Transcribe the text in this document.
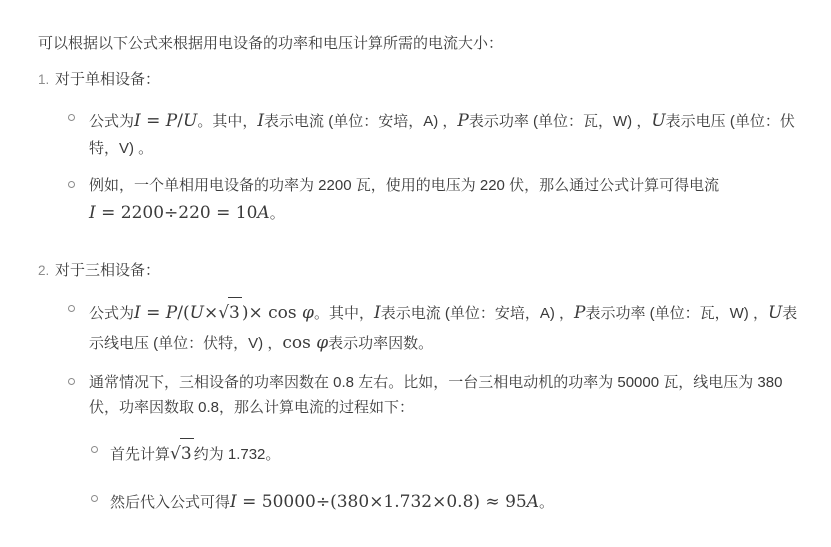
可以根据以下公式来根据用电设备的功率和电压计算所需的电流大小：

1. 对于单相设备：
公式为I = P/U。其中，I表示电流 (单位：安培，A) ，P表示功率 (单位：瓦，W) ，U表示电压 (单位：伏特，V) 。
例如，一个单相用电设备的功率为 2200 瓦，使用的电压为 220 伏，那么通过公式计算可得电流
I = 2200÷220 = 10A。
2. 对于三相设备：
公式为I = P/(U× √ 3 )× cos φ。其中，I表示电流 (单位：安培，A) ，P表示功率 (单位：瓦，W) ，U表示线电压 (单位：伏特，V) ，cos φ表示功率因数。
通常情况下，三相设备的功率因数在 0.8 左右。比如，一台三相电动机的功率为 50000 瓦，线电压为 380 伏，功率因数取 0.8，那么计算电流的过程如下：
首先计算 √ 3 约为 1.732。
然后代入公式可得I = 50000÷(380×1.732×0.8) ≈ 95A。
